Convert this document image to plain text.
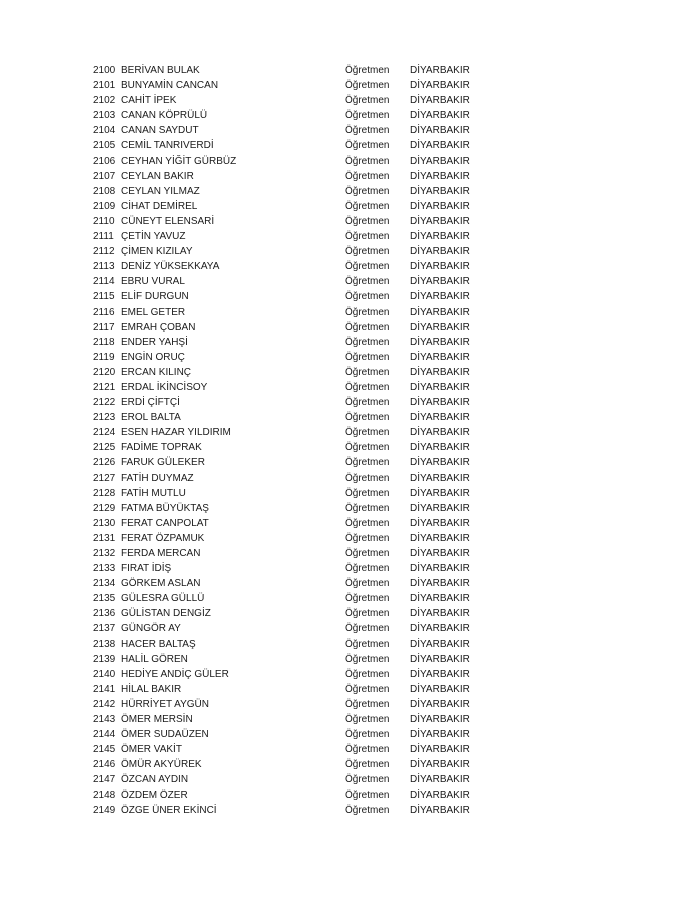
2100 BERİVAN BULAK	Öğretmen DİYARBAKIR
2101 BUNYAMİN CANCAN	Öğretmen DİYARBAKIR
2102 CAHİT İPEK	Öğretmen DİYARBAKIR
2103 CANAN KÖPRÜLÜ	Öğretmen DİYARBAKIR
2104 CANAN SAYDUT	Öğretmen DİYARBAKIR
2105 CEMİL TANRIVERDİ	Öğretmen DİYARBAKIR
2106 CEYHAN YİĞİT GÜRBÜZ	Öğretmen DİYARBAKIR
2107 CEYLAN BAKIR	Öğretmen DİYARBAKIR
2108 CEYLAN YILMAZ	Öğretmen DİYARBAKIR
2109 CİHAT DEMİREL	Öğretmen DİYARBAKIR
2110 CÜNEYT ELENSARİ	Öğretmen DİYARBAKIR
2111 ÇETİN YAVUZ	Öğretmen DİYARBAKIR
2112 ÇİMEN KIZILAY	Öğretmen DİYARBAKIR
2113 DENİZ YÜKSEKKAYA	Öğretmen DİYARBAKIR
2114 EBRU VURAL	Öğretmen DİYARBAKIR
2115 ELİF DURGUN	Öğretmen DİYARBAKIR
2116 EMEL GETER	Öğretmen DİYARBAKIR
2117 EMRAH ÇOBAN	Öğretmen DİYARBAKIR
2118 ENDER YAHŞİ	Öğretmen DİYARBAKIR
2119 ENGİN ORUÇ	Öğretmen DİYARBAKIR
2120 ERCAN KILINÇ	Öğretmen DİYARBAKIR
2121 ERDAL İKİNCİSOY	Öğretmen DİYARBAKIR
2122 ERDİ ÇİFTÇİ	Öğretmen DİYARBAKIR
2123 EROL BALTA	Öğretmen DİYARBAKIR
2124 ESEN HAZAR YILDIRIM	Öğretmen DİYARBAKIR
2125 FADİME TOPRAK	Öğretmen DİYARBAKIR
2126 FARUK GÜLEKER	Öğretmen DİYARBAKIR
2127 FATİH DUYMAZ	Öğretmen DİYARBAKIR
2128 FATİH MUTLU	Öğretmen DİYARBAKIR
2129 FATMA BÜYÜKTAŞ	Öğretmen DİYARBAKIR
2130 FERAT CANPOLAT	Öğretmen DİYARBAKIR
2131 FERAT ÖZPAMUK	Öğretmen DİYARBAKIR
2132 FERDA MERCAN	Öğretmen DİYARBAKIR
2133 FIRAT İDİŞ	Öğretmen DİYARBAKIR
2134 GÖRKEM ASLAN	Öğretmen DİYARBAKIR
2135 GÜLESRA GÜLLÜ	Öğretmen DİYARBAKIR
2136 GÜLİSTAN DENGİZ	Öğretmen DİYARBAKIR
2137 GÜNGÖR AY	Öğretmen DİYARBAKIR
2138 HACER BALTAŞ	Öğretmen DİYARBAKIR
2139 HALİL GÖREN	Öğretmen DİYARBAKIR
2140 HEDİYE ANDİÇ GÜLER	Öğretmen DİYARBAKIR
2141 HİLAL BAKIR	Öğretmen DİYARBAKIR
2142 HÜRRİYET AYGÜN	Öğretmen DİYARBAKIR
2143 ÖMER MERSİN	Öğretmen DİYARBAKIR
2144 ÖMER SUDAÜZEN	Öğretmen DİYARBAKIR
2145 ÖMER VAKİT	Öğretmen DİYARBAKIR
2146 ÖMÜR AKYÜREK	Öğretmen DİYARBAKIR
2147 ÖZCAN AYDIN	Öğretmen DİYARBAKIR
2148 ÖZDEM ÖZER	Öğretmen DİYARBAKIR
2149 ÖZGE ÜNER EKİNCİ	Öğretmen DİYARBAKIR
